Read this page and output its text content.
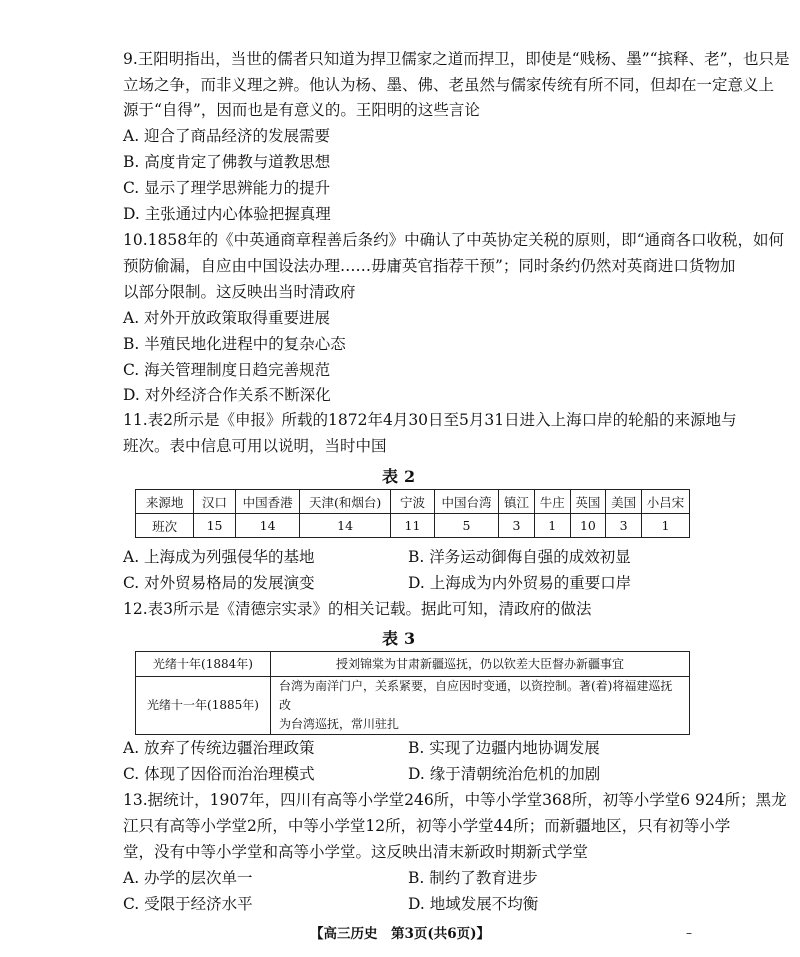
9.王阳明指出，当世的儒者只知道为捍卫儒家之道而捍卫，即使是“贱杨、墨”“摈释、老”，也只是
立场之争，而非义理之辨。他认为杨、墨、佛、老虽然与儒家传统有所不同，但却在一定意义上
源于“自得”，因而也是有意义的。王阳明的这些言论
A. 迎合了商品经济的发展需要
B. 高度肯定了佛教与道教思想
C. 显示了理学思辨能力的提升
D. 主张通过内心体验把握真理
10.1858年的《中英通商章程善后条约》中确认了中英协定关税的原则，即“通商各口收税，如何
预防偷漏，自应由中国设法办理……毋庸英官指荐干预”；同时条约仍然对英商进口货物加
以部分限制。这反映出当时清政府
A. 对外开放政策取得重要进展
B. 半殖民地化进程中的复杂心态
C. 海关管理制度日趋完善规范
D. 对外经济合作关系不断深化
11.表2所示是《申报》所载的1872年4月30日至5月31日进入上海口岸的轮船的来源地与
班次。表中信息可用以说明，当时中国
表2
来源地	汉口	中国香港	天津(和烟台)	宁波	中国台湾	镇江	牛庄	英国	美国	小吕宋
班次	15	14	14	11	5	3	1	10	3	1
A. 上海成为列强侵华的基地	B. 洋务运动御侮自强的成效初显
C. 对外贸易格局的发展演变	D. 上海成为内外贸易的重要口岸
12.表3所示是《清德宗实录》的相关记载。据此可知，清政府的做法
表3
光绪十年(1884年)	授刘锦棠为甘肃新疆巡抚，仍以钦差大臣督办新疆事宜
光绪十一年(1885年)	台湾为南洋门户，关系紧要，自应因时变通，以资控制。著(着)将福建巡抚改
为台湾巡抚，常川驻扎
A. 放弃了传统边疆治理政策	B. 实现了边疆内地协调发展
C. 体现了因俗而治治理模式	D. 缘于清朝统治危机的加剧
13.据统计，1907年，四川有高等小学堂246所，中等小学堂368所，初等小学堂6 924所；黑龙
江只有高等小学堂2所，中等小学堂12所，初等小学堂44所；而新疆地区，只有初等小学
堂，没有中等小学堂和高等小学堂。这反映出清末新政时期新式学堂
A. 办学的层次单一	B. 制约了教育进步
C. 受限于经济水平	D. 地域发展不均衡
【高三历史　第3页(共6页)】	–
